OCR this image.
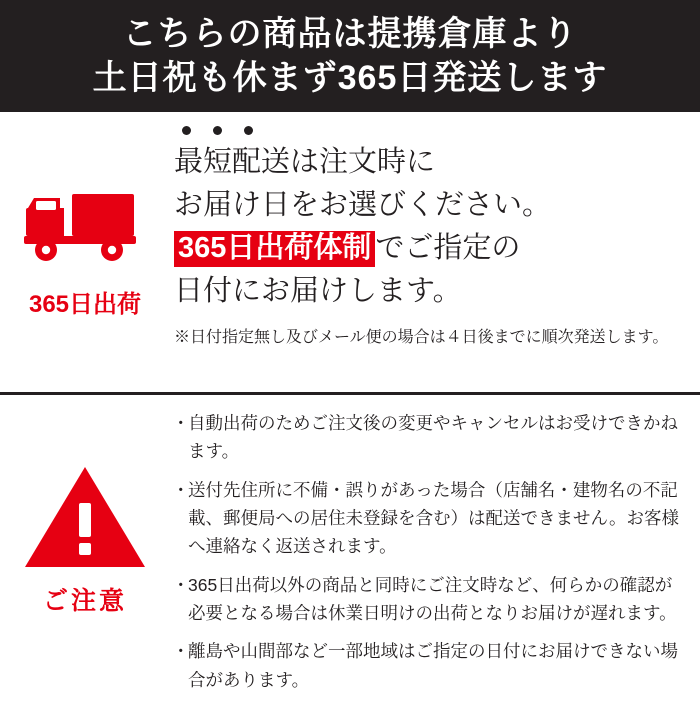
こちらの商品は提携倉庫より
土日祝も休まず365日発送します
365日出荷
最短配送は注文時に
お届け日をお選びください。
365日出荷体制 でご指定の
日付にお届けします。
※日付指定無し及びメール便の場合は４日後までに順次発送します。
ご注意
・
自動出荷のためご注文後の変更やキャンセルはお受けできかねます。
・
送付先住所に不備・誤りがあった場合（店舗名・建物名の不記載、郵便局への居住未登録を含む）は配送できません。お客様へ連絡なく返送されます。
・
365日出荷以外の商品と同時にご注文時など、何らかの確認が必要となる場合は休業日明けの出荷となりお届けが遅れます。
・
離島や山間部など一部地域はご指定の日付にお届けできない場合があります。
